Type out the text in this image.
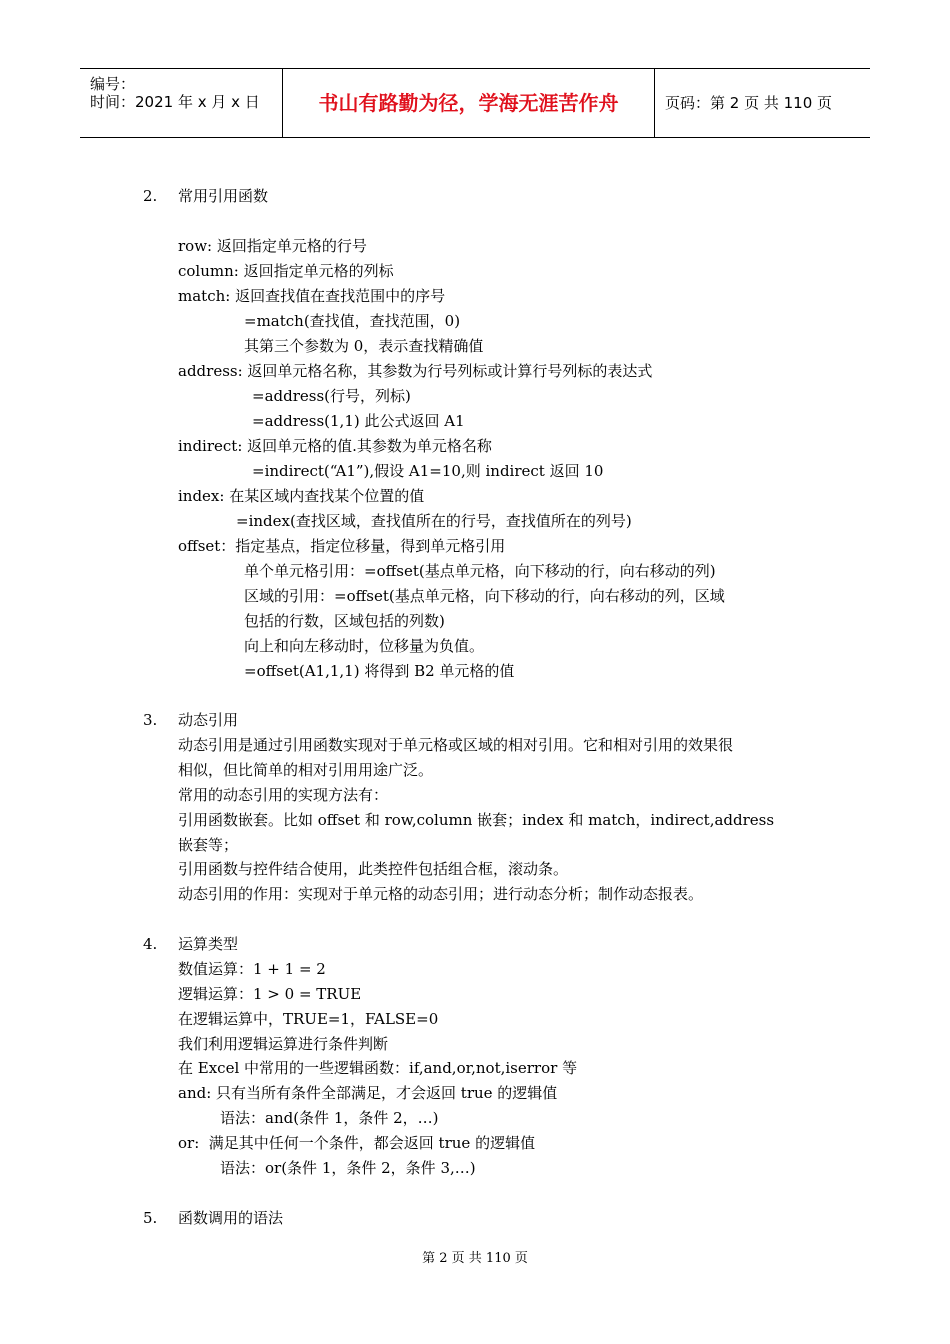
编号：
时间：2021 年 x 月 x 日	书山有路勤为径，学海无涯苦作舟	页码：第 2 页 共 110 页
2. 常用引用函数
row: 返回指定单元格的行号
column: 返回指定单元格的列标
match: 返回查找值在查找范围中的序号
=match(查找值，查找范围，0)
其第三个参数为 0，表示查找精确值
address: 返回单元格名称，其参数为行号列标或计算行号列标的表达式
=address(行号，列标)
=address(1,1) 此公式返回 A1
indirect: 返回单元格的值.其参数为单元格名称
=indirect(“A1”),假设 A1=10,则 indirect 返回 10
index: 在某区域内查找某个位置的值
=index(查找区域，查找值所在的行号，查找值所在的列号)
offset：指定基点，指定位移量，得到单元格引用
单个单元格引用：=offset(基点单元格，向下移动的行，向右移动的列)
区域的引用：=offset(基点单元格，向下移动的行，向右移动的列，区域
包括的行数，区域包括的列数)
向上和向左移动时，位移量为负值。
=offset(A1,1,1) 将得到 B2 单元格的值
3. 动态引用
动态引用是通过引用函数实现对于单元格或区域的相对引用。它和相对引用的效果很
相似，但比简单的相对引用用途广泛。
常用的动态引用的实现方法有：
引用函数嵌套。比如 offset 和 row,column 嵌套；index 和 match，indirect,address
嵌套等；
引用函数与控件结合使用，此类控件包括组合框，滚动条。
动态引用的作用：实现对于单元格的动态引用；进行动态分析；制作动态报表。
4. 运算类型
数值运算：1 + 1 = 2
逻辑运算：1 > 0 = TRUE
在逻辑运算中，TRUE=1，FALSE=0
我们利用逻辑运算进行条件判断
在 Excel 中常用的一些逻辑函数：if,and,or,not,iserror 等
and: 只有当所有条件全部满足，才会返回 true 的逻辑值
语法：and(条件 1，条件 2，…)
or:  满足其中任何一个条件，都会返回 true 的逻辑值
语法：or(条件 1，条件 2，条件 3,…)
5. 函数调用的语法
第 2 页 共 110 页
